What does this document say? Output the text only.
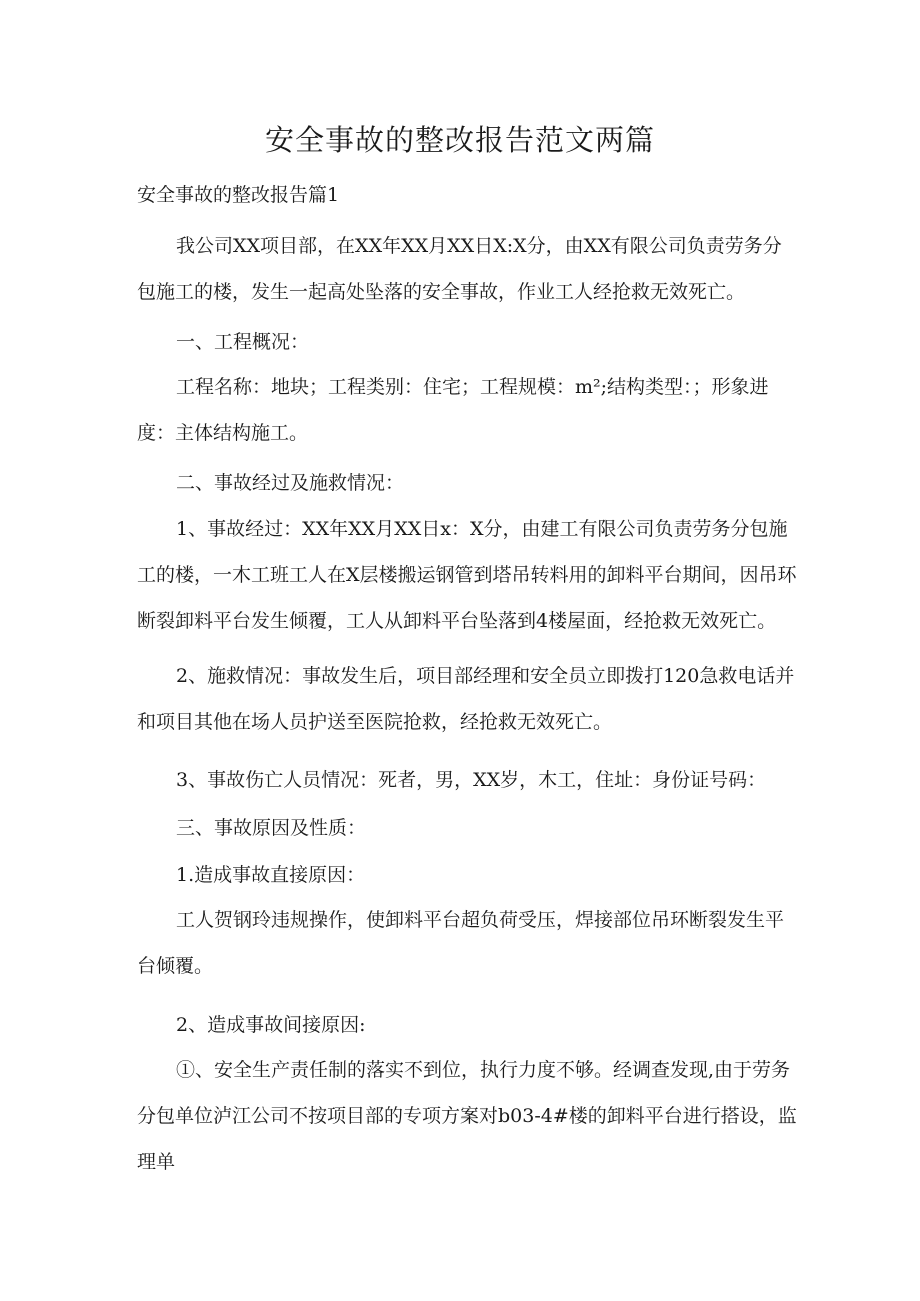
安全事故的整改报告范文两篇
安全事故的整改报告篇1

我公司XX项目部，在XX年XX月XX日X:X分，由XX有限公司负责劳务分包施工的楼，发生一起高处坠落的安全事故，作业工人经抢救无效死亡。

一、工程概况：

工程名称：地块；工程类别：住宅；工程规模：m²;结构类型：；形象进度：主体结构施工。

二、事故经过及施救情况：

1、事故经过：XX年XX月XX日x：X分，由建工有限公司负责劳务分包施工的楼，一木工班工人在X层楼搬运钢管到塔吊转料用的卸料平台期间，因吊环断裂卸料平台发生倾覆，工人从卸料平台坠落到4楼屋面，经抢救无效死亡。

2、施救情况：事故发生后，项目部经理和安全员立即拨打120急救电话并和项目其他在场人员护送至医院抢救，经抢救无效死亡。

3、事故伤亡人员情况：死者，男，XX岁，木工，住址：身份证号码：

三、事故原因及性质：

1.造成事故直接原因：

工人贺钢玲违规操作，使卸料平台超负荷受压，焊接部位吊环断裂发生平台倾覆。

2、造成事故间接原因:

①、安全生产责任制的落实不到位，执行力度不够。经调查发现,由于劳务分包单位泸江公司不按项目部的专项方案对b03-4#楼的卸料平台进行搭设，监理单
